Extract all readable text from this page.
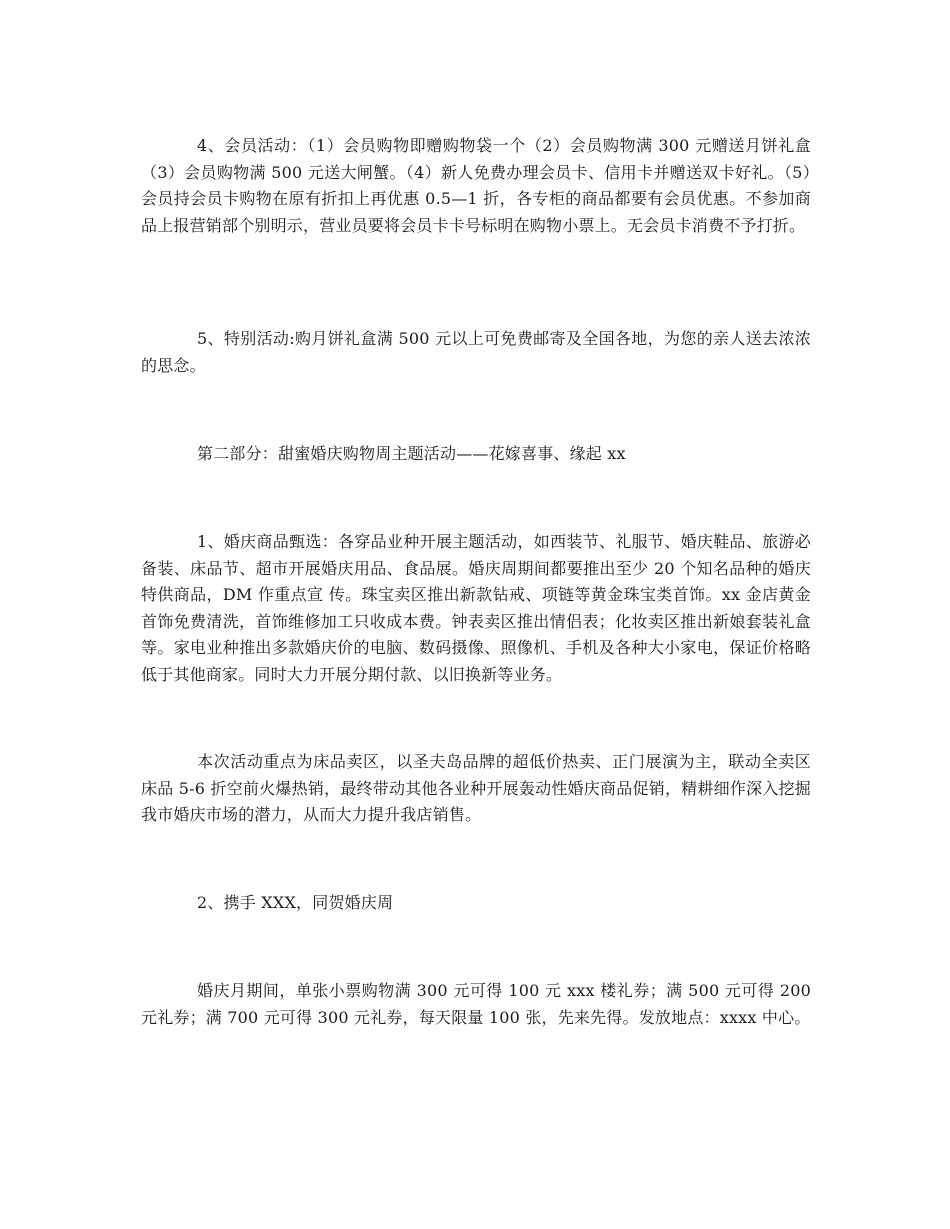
4、会员活动：（1）会员购物即赠购物袋一个（2）会员购物满 300 元赠送月饼礼盒（3）会员购物满 500 元送大闸蟹。（4）新人免费办理会员卡、信用卡并赠送双卡好礼。（5）会员持会员卡购物在原有折扣上再优惠 0.5—1 折，各专柜的商品都要有会员优惠。不参加商品上报营销部个别明示，营业员要将会员卡卡号标明在购物小票上。无会员卡消费不予打折。

5、特别活动:购月饼礼盒满 500 元以上可免费邮寄及全国各地，为您的亲人送去浓浓的思念。

第二部分：甜蜜婚庆购物周主题活动——花嫁喜事、缘起 xx

1、婚庆商品甄选：各穿品业种开展主题活动，如西装节、礼服节、婚庆鞋品、旅游必备装、床品节、超市开展婚庆用品、食品展。婚庆周期间都要推出至少 20 个知名品种的婚庆特供商品，DM 作重点宣 传。珠宝卖区推出新款钻戒、项链等黄金珠宝类首饰。xx 金店黄金首饰免费清洗，首饰维修加工只收成本费。钟表卖区推出情侣表；化妆卖区推出新娘套装礼盒等。家电业种推出多款婚庆价的电脑、数码摄像、照像机、手机及各种大小家电，保证价格略低于其他商家。同时大力开展分期付款、以旧换新等业务。

本次活动重点为床品卖区，以圣夫岛品牌的超低价热卖、正门展演为主，联动全卖区床品 5-6 折空前火爆热销，最终带动其他各业种开展轰动性婚庆商品促销，精耕细作深入挖掘我市婚庆市场的潜力，从而大力提升我店销售。

2、携手 XXX，同贺婚庆周

婚庆月期间，单张小票购物满 300 元可得 100 元 xxx 楼礼券；满 500 元可得 200 元礼券；满 700 元可得 300 元礼券，每天限量 100 张，先来先得。发放地点：xxxx 中心。
